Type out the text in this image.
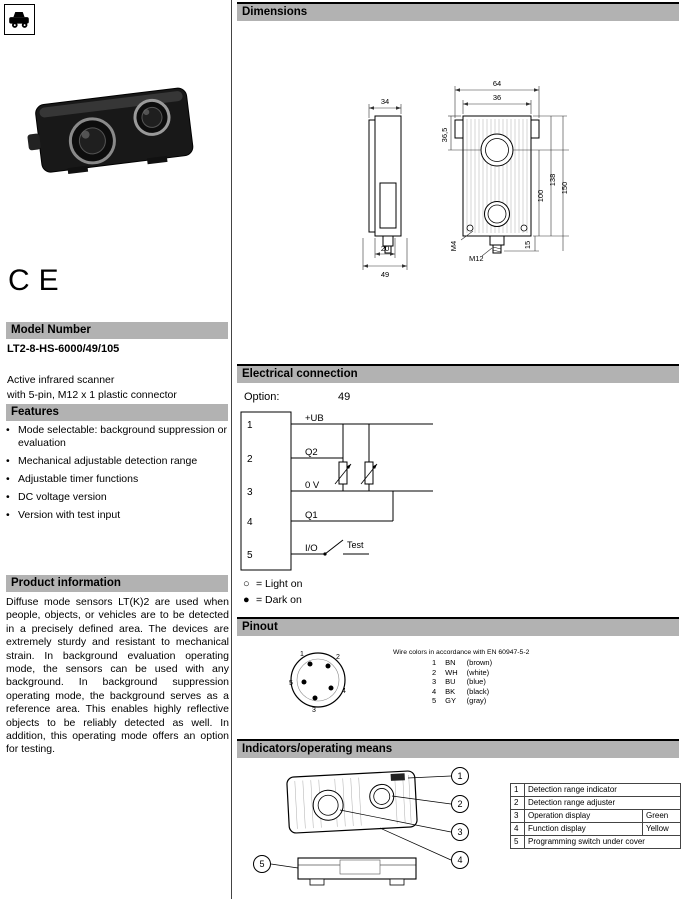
CE
Model Number
LT2-8-HS-6000/49/105
Active infrared scanner
with 5-pin, M12 x 1 plastic connector
Features
• Mode selectable: background suppression or evaluation
• Mechanical adjustable detection range
• Adjustable timer functions
• DC voltage version
• Version with test input
Product information
Diffuse mode sensors LT(K)2 are used when people, objects, or vehicles are to be detected in a precisely defined area. The devices are extremely sturdy and resistant to mechanical strain. In background evaluation operating mode, the sensors can be used with any background. In background suppression operating mode, the background serves as a reference area. This enables highly reflective objects to be reliably detected as well. In addition, this operating mode offers an option for testing.
Dimensions
34
20
49
64
36
36,5
100
138
150
M4	15
M12
Electrical connection
Option:	49
1
2
3
4
5
+UB
Q2
0 V
Q1
I/O	Test
○ = Light on
● = Dark on
Pinout
1	2
3
4
5
Wire colors in accordance with EN 60947-5-2
1	BN	(brown)
2	WH	(white)
3	BU	(blue)
4	BK	(black)
5	GY	(gray)
Indicators/operating means
1
2
3
4
5
1	Detection range indicator	
2	Detection range adjuster	
3	Operation display	Green
4	Function display	Yellow
5	Programming switch under cover	
